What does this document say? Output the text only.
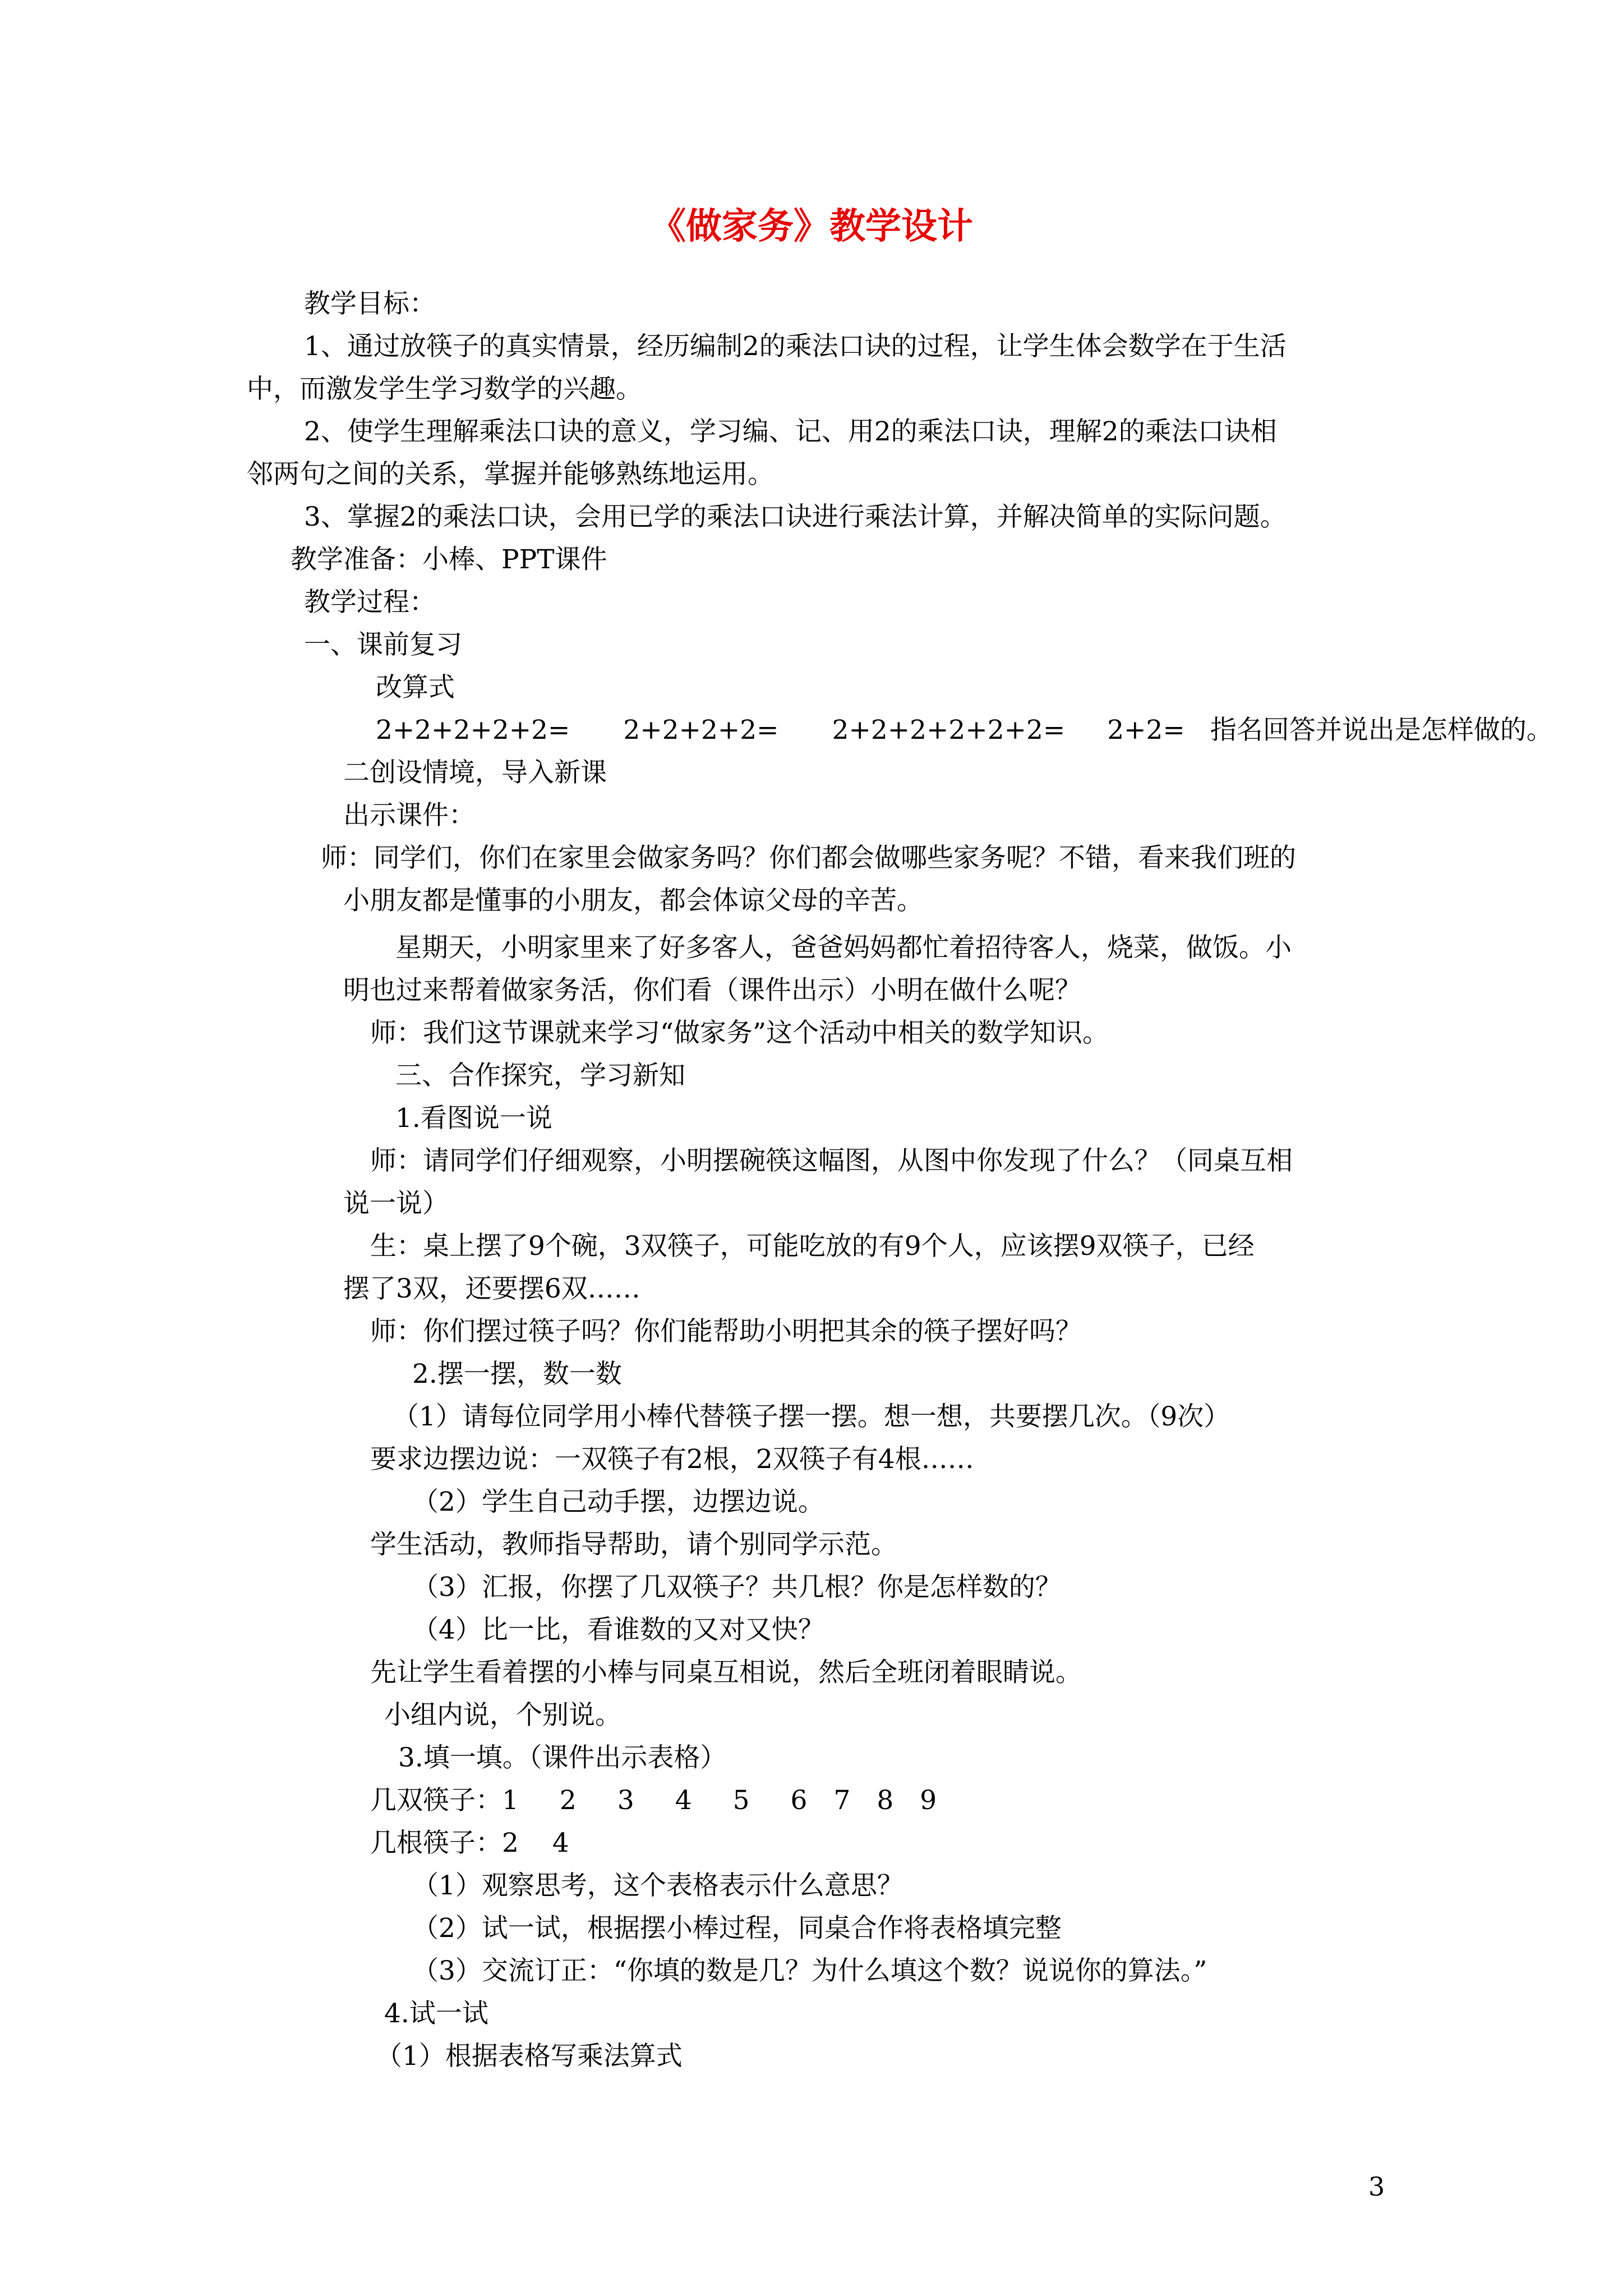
《做家务》教学设计

教学目标：

1、通过放筷子的真实情景，经历编制2的乘法口诀的过程，让学生体会数学在于生活

中，而激发学生学习数学的兴趣。

2、使学生理解乘法口诀的意义，学习编、记、用2的乘法口诀，理解2的乘法口诀相

邻两句之间的关系，掌握并能够熟练地运用。

3、掌握2的乘法口诀，会用已学的乘法口诀进行乘法计算，并解决简单的实际问题。

教学准备：小棒、PPT课件

教学过程：

一、课前复习

改算式

2+2+2+2+2= 2+2+2+2= 2+2+2+2+2+2= 2+2= 指名回答并说出是怎样做的。

二创设情境，导入新课

出示课件：

师：同学们，你们在家里会做家务吗？你们都会做哪些家务呢？不错，看来我们班的

小朋友都是懂事的小朋友，都会体谅父母的辛苦。

星期天，小明家里来了好多客人，爸爸妈妈都忙着招待客人，烧菜，做饭。小

明也过来帮着做家务活，你们看（课件出示）小明在做什么呢？

师：我们这节课就来学习“做家务”这个活动中相关的数学知识。

三、合作探究，学习新知

1.看图说一说

师：请同学们仔细观察，小明摆碗筷这幅图，从图中你发现了什么？（同桌互相

说一说）

生：桌上摆了9个碗，3双筷子，可能吃放的有9个人，应该摆9双筷子，已经

摆了3双，还要摆6双……

师：你们摆过筷子吗？你们能帮助小明把其余的筷子摆好吗？

2.摆一摆，数一数

（1）请每位同学用小棒代替筷子摆一摆。想一想，共要摆几次。（9次）

要求边摆边说：一双筷子有2根，2双筷子有4根……

（2）学生自己动手摆，边摆边说。

学生活动，教师指导帮助，请个别同学示范。

（3）汇报，你摆了几双筷子？共几根？你是怎样数的？

（4）比一比，看谁数的又对又快？

先让学生看着摆的小棒与同桌互相说，然后全班闭着眼睛说。

小组内说，个别说。

3.填一填。（课件出示表格）

几双筷子：1 2 3 4 5 6 7 8 9
几根筷子：2 4

（1）观察思考，这个表格表示什么意思？

（2）试一试，根据摆小棒过程，同桌合作将表格填完整

（3）交流订正：“你填的数是几？为什么填这个数？说说你的算法。”

4.试一试

（1）根据表格写乘法算式

3
